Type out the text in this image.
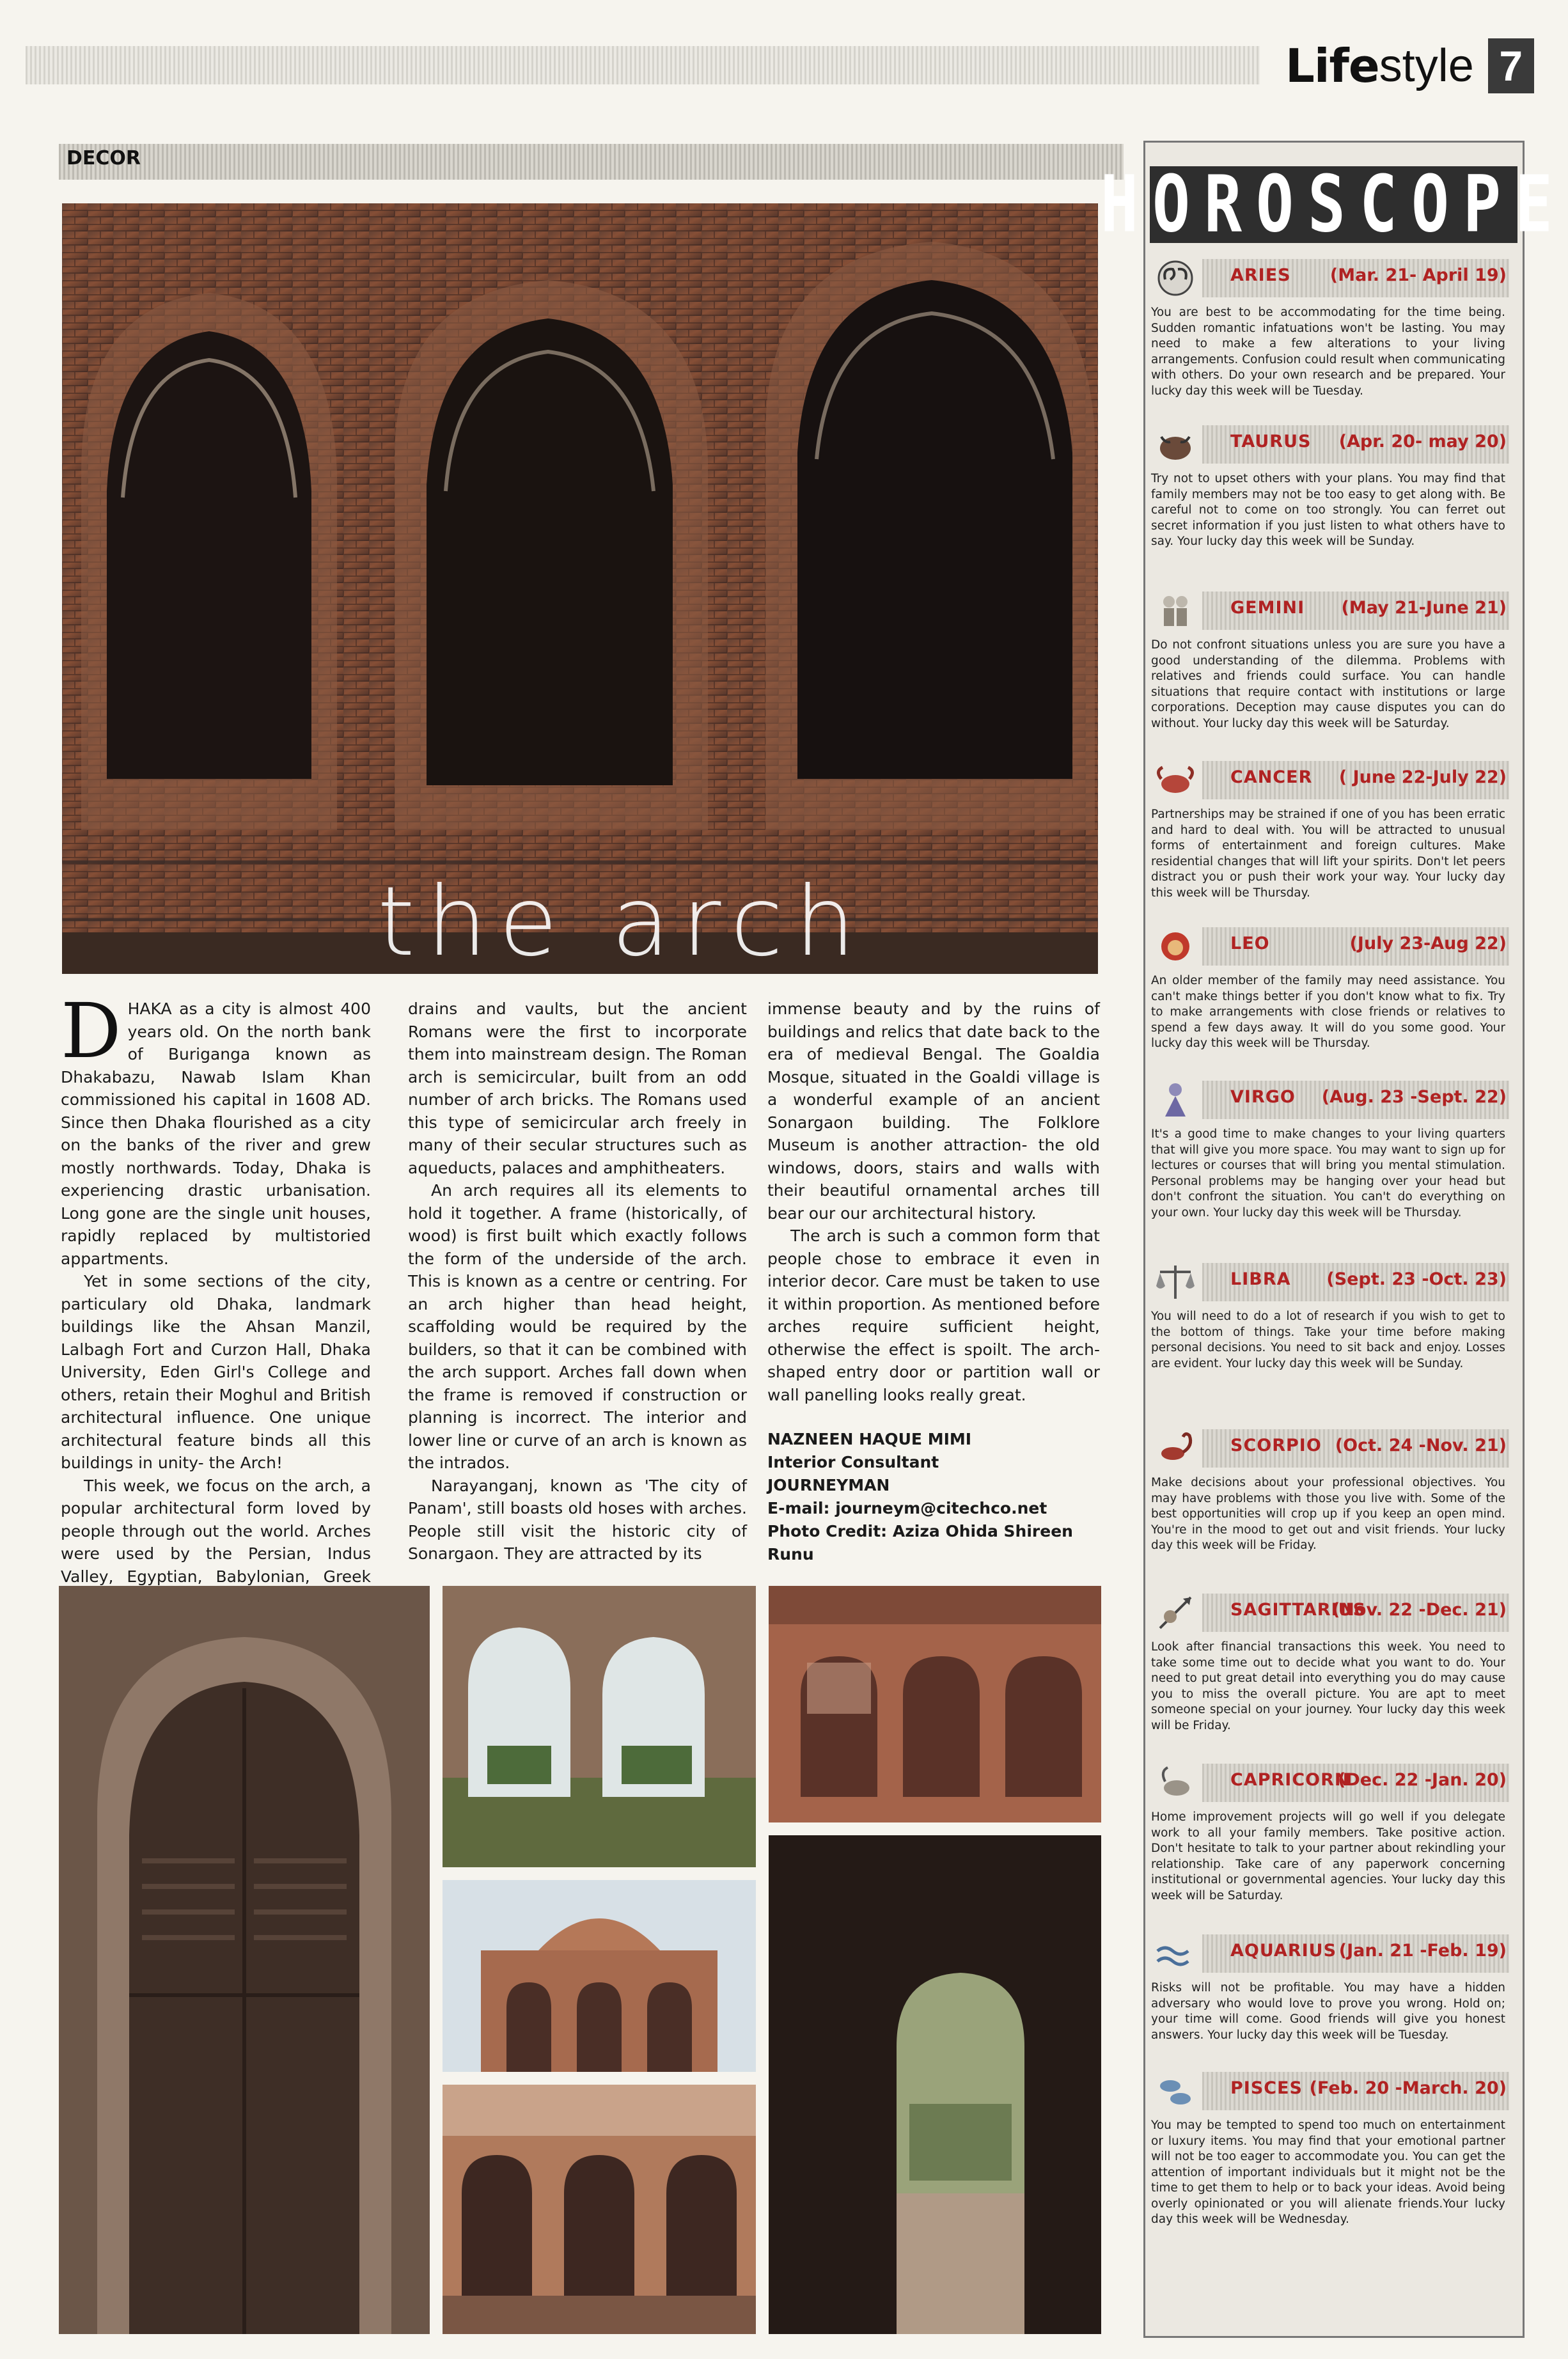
Life style 7
DECOR
the arch

DHAKA as a city is almost 400 years old. On the north bank of Buriganga known as Dhakabazu, Nawab Islam Khan commissioned his capital in 1608 AD. Since then Dhaka flourished as a city on the banks of the river and grew mostly northwards. Today, Dhaka is experiencing drastic urbanisation. Long gone are the single unit houses, rapidly replaced by multistoried appartments.

Yet in some sections of the city, particulary old Dhaka, landmark buildings like the Ahsan Manzil, Lalbagh Fort and Curzon Hall, Dhaka University, Eden Girl's College and others, retain their Moghul and British architectural influence. One unique architectural feature binds all this buildings in unity- the Arch!

This week, we focus on the arch, a popular architectural form loved by people through out the world. Arches were used by the Persian, Indus Valley, Egyptian, Babylonian, Greek

drains and vaults, but the ancient Romans were the first to incorporate them into mainstream design. The Roman arch is semicircular, built from an odd number of arch bricks. The Romans used this type of semicircular arch freely in many of their secular structures such as aqueducts, palaces and amphitheaters.

An arch requires all its elements to hold it together. A frame (historically, of wood) is first built which exactly follows the form of the underside of the arch. This is known as a centre or centring. For an arch higher than head height, scaffolding would be required by the builders, so that it can be combined with the arch support. Arches fall down when the frame is removed if construction or planning is incorrect. The interior and lower line or curve of an arch is known as the intrados.

Narayanganj, known as 'The city of Panam', still boasts old hoses with arches. People still visit the historic city of Sonargaon. They are attracted by its

immense beauty and by the ruins of buildings and relics that date back to the era of medieval Bengal. The Goaldia Mosque, situated in the Goaldi village is a wonderful example of an ancient Sonargaon building. The Folklore Museum is another attraction- the old windows, doors, stairs and walls with their beautiful ornamental arches till bear our our architectural history.

The arch is such a common form that people chose to embrace it even in interior decor. Care must be taken to use it within proportion. As mentioned before arches require sufficient height, otherwise the effect is spoilt. The arch-shaped entry door or partition wall or wall panelling looks really great.

NAZNEEN HAQUE MIMI
Interior Consultant
JOURNEYMAN
E-mail: journeym@citechco.net
Photo Credit: Aziza Ohida Shireen Runu
HOROSCOPE
ARIES (Mar. 21- April 19)
You are best to be accommodating for the time being. Sudden romantic infatuations won't be lasting. You may need to make a few alterations to your living arrangements. Confusion could result when communicating with others. Do your own research and be prepared. Your lucky day this week will be Tuesday.
TAURUS (Apr. 20- may 20)
Try not to upset others with your plans. You may find that family members may not be too easy to get along with. Be careful not to come on too strongly. You can ferret out secret information if you just listen to what others have to say. Your lucky day this week will be Sunday.
GEMINI (May 21-June 21)
Do not confront situations unless you are sure you have a good understanding of the dilemma. Problems with relatives and friends could surface. You can handle situations that require contact with institutions or large corporations. Deception may cause disputes you can do without. Your lucky day this week will be Saturday.
CANCER ( June 22-July 22)
Partnerships may be strained if one of you has been erratic and hard to deal with. You will be attracted to unusual forms of entertainment and foreign cultures. Make residential changes that will lift your spirits. Don't let peers distract you or push their work your way. Your lucky day this week will be Thursday.
LEO	(July 23-Aug 22)
An older member of the family may need assistance. You can't make things better if you don't know what to fix. Try to make arrangements with close friends or relatives to spend a few days away. It will do you some good. Your lucky day this week will be Thursday.
VIRGO (Aug. 23 -Sept. 22)
It's a good time to make changes to your living quarters that will give you more space. You may want to sign up for lectures or courses that will bring you mental stimulation. Personal problems may be hanging over your head but don't confront the situation. You can't do everything on your own. Your lucky day this week will be Thursday.
LIBRA (Sept. 23 -Oct. 23)
You will need to do a lot of research if you wish to get to the bottom of things. Take your time before making personal decisions. You need to sit back and enjoy. Losses are evident. Your lucky day this week will be Sunday.
SCORPIO (Oct. 24 -Nov. 21)
Make decisions about your professional objectives. You may have problems with those you live with. Some of the best opportunities will crop up if you keep an open mind. You're in the mood to get out and visit friends. Your lucky day this week will be Friday.
SAGITTARIUS
(Nov. 22 -Dec. 21)
Look after financial transactions this week. You need to take some time out to decide what you want to do. Your need to put great detail into everything you do may cause you to miss the overall picture. You are apt to meet someone special on your journey. Your lucky day this week will be Friday.
CAPRICORN
(Dec. 22 -Jan. 20)
Home improvement projects will go well if you delegate work to all your family members. Take positive action. Don't hesitate to talk to your partner about rekindling your relationship. Take care of any paperwork concerning institutional or governmental agencies. Your lucky day this week will be Saturday.
AQUARIUS (Jan. 21 -Feb. 19)
Risks will not be profitable. You may have a hidden adversary who would love to prove you wrong. Hold on; your time will come. Good friends will give you honest answers. Your lucky day this week will be Tuesday.
PISCES (Feb. 20 -March. 20)
You may be tempted to spend too much on entertainment or luxury items. You may find that your emotional partner will not be too eager to accommodate you. You can get the attention of important individuals but it might not be the time to get them to help or to back your ideas. Avoid being overly opinionated or you will alienate friends.Your lucky day this week will be Wednesday.
